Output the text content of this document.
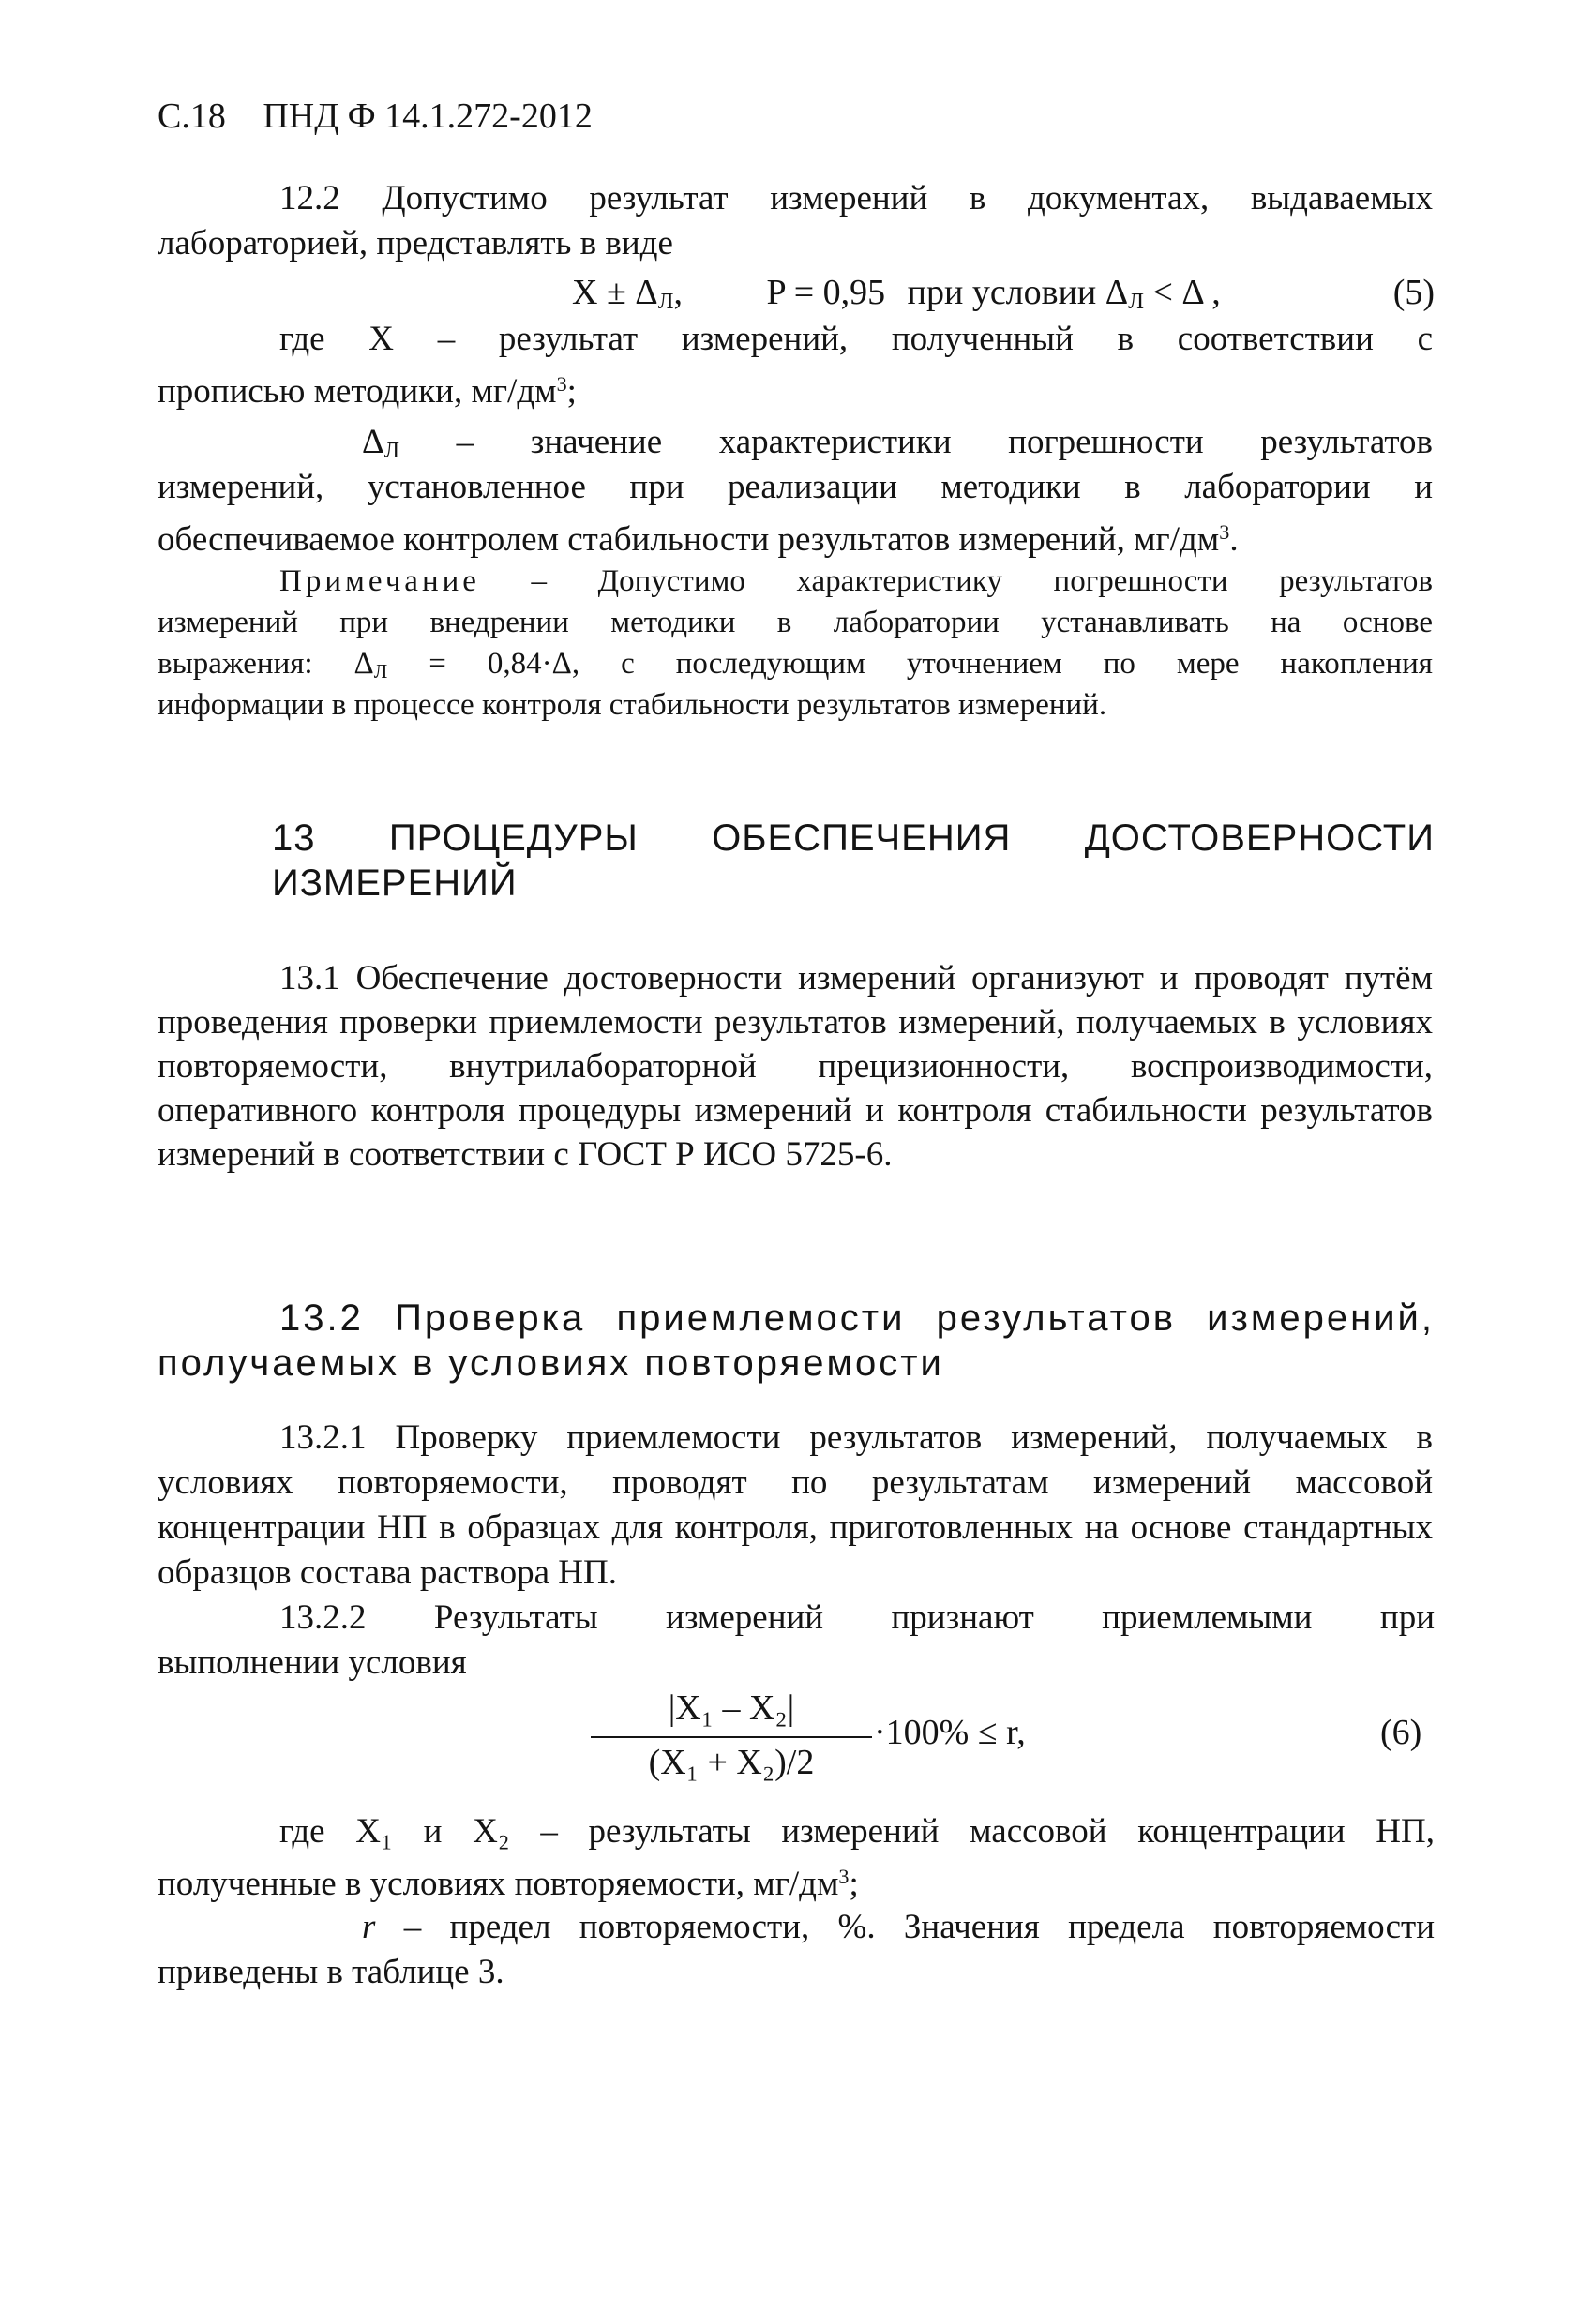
С.18 ПНД Ф 14.1.272-2012
12.2 Допустимо результат измерений в документах, выдаваемых
лабораторией, представлять в виде
$X \pm \Delta_Л$, P = 0,95 при условии $\Delta_Л < \Delta$ ,	(5)
где X – результат измерений, полученный в соответствии с
прописью методики, $мг/дм^3$;
$\Delta_Л$ – значение характеристики погрешности результатов
измерений, установленное при реализации методики в лаборатории и
обеспечиваемое контролем стабильности результатов измерений, $мг/дм^3$.
Примечание – Допустимо характеристику погрешности результатов
измерений при внедрении методики в лаборатории устанавливать на основе
выражения: $\Delta_Л = 0,84\cdot\Delta$, с последующим уточнением по мере накопления
информации в процессе контроля стабильности результатов измерений.
13 ПРОЦЕДУРЫ ОБЕСПЕЧЕНИЯ ДОСТОВЕРНОСТИ
ИЗМЕРЕНИЙ
13.1 Обеспечение достоверности измерений организуют и проводят путём проведения проверки приемлемости результатов измерений, получаемых в условиях повторяемости, внутрилабораторной прецизионности, воспроизводимости, оперативного контроля процедуры измерений и контроля стабильности результатов измерений в соответствии с ГОСТ Р ИСО 5725-6.
13.2 Проверка приемлемости результатов измерений,
получаемых в условиях повторяемости
13.2.1 Проверку приемлемости результатов измерений, получаемых в условиях повторяемости, проводят по результатам измерений массовой концентрации НП в образцах для контроля, приготовленных на основе стандартных образцов состава раствора НП.
13.2.2 Результаты измерений признают приемлемыми при
выполнении условия
|X₁ – X₂|
(X₁ + X₂)/2
·100% ≤ r,	(6)
где X₁ и X₂ – результаты измерений массовой концентрации НП,
полученные в условиях повторяемости, $мг/дм^3$;
r – предел повторяемости, %. Значения предела повторяемости
приведены в таблице 3.
